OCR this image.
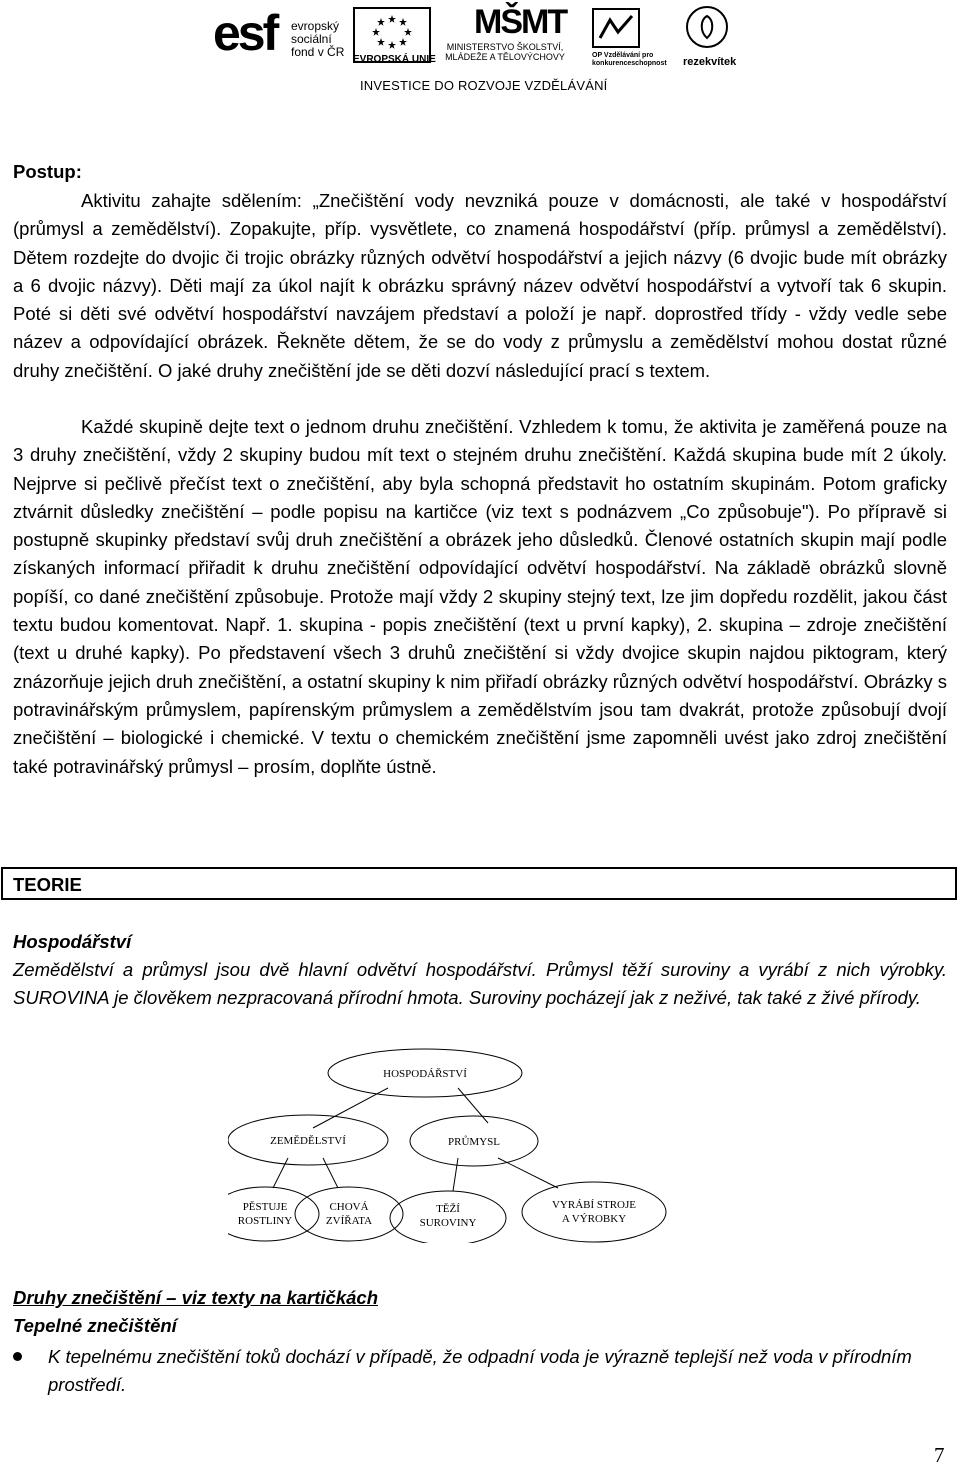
esf evropský sociální fond v ČR
EVROPSKÁ UNIE
MŠMT
MINISTERSTVO ŠKOLSTVÍ, MLÁDEŽE A TĚLOVÝCHOVY	OP Vzdělávání pro konkurenceschopnost	rezekvítek
INVESTICE DO ROZVOJE VZDĚLÁVÁNÍ
Postup:
Aktivitu zahajte sdělením: „Znečištění vody nevzniká pouze v domácnosti, ale také v hospodářství (průmysl a zemědělství). Zopakujte, příp. vysvětlete, co znamená hospodářství (příp. průmysl a zemědělství). Dětem rozdejte do dvojic či trojic obrázky různých odvětví hospodářství a jejich názvy (6 dvojic bude mít obrázky a 6 dvojic názvy). Děti mají za úkol najít k obrázku správný název odvětví hospodářství a vytvoří tak 6 skupin. Poté si děti své odvětví hospodářství navzájem představí a položí je např. doprostřed třídy - vždy vedle sebe název a odpovídající obrázek. Řekněte dětem, že se do vody z průmyslu a zemědělství mohou dostat různé druhy znečištění. O jaké druhy znečištění jde se děti dozví následující prací s textem.
Každé skupině dejte text o jednom druhu znečištění. Vzhledem k tomu, že aktivita je zaměřená pouze na 3 druhy znečištění, vždy 2 skupiny budou mít text o stejném druhu znečištění. Každá skupina bude mít 2 úkoly. Nejprve si pečlivě přečíst text o znečištění, aby byla schopná představit ho ostatním skupinám. Potom graficky ztvárnit důsledky znečištění – podle popisu na kartičce (viz text s podnázvem „Co způsobuje"). Po přípravě si postupně skupinky představí svůj druh znečištění a obrázek jeho důsledků. Členové ostatních skupin mají podle získaných informací přiřadit k druhu znečištění odpovídající odvětví hospodářství. Na základě obrázků slovně popíší, co dané znečištění způsobuje. Protože mají vždy 2 skupiny stejný text, lze jim dopředu rozdělit, jakou část textu budou komentovat. Např. 1. skupina - popis znečištění (text u první kapky), 2. skupina – zdroje znečištění (text u druhé kapky). Po představení všech 3 druhů znečištění si vždy dvojice skupin najdou piktogram, který znázorňuje jejich druh znečištění, a ostatní skupiny k nim přiřadí obrázky různých odvětví hospodářství. Obrázky s potravinářským průmyslem, papírenským průmyslem a zemědělstvím jsou tam dvakrát, protože způsobují dvojí znečištění – biologické i chemické. V textu o chemickém znečištění jsme zapomněli uvést jako zdroj znečištění také potravinářský průmysl – prosím, doplňte ústně.
TEORIE
Hospodářství
Zemědělství a průmysl jsou dvě hlavní odvětví hospodářství. Průmysl těží suroviny a vyrábí z nich výrobky. SUROVINA je člověkem nezpracovaná přírodní hmota. Suroviny pocházejí jak z neživé, tak také z živé přírody.
HOSPODÁŘSTVÍ
ZEMĚDĚLSTVÍ	PRŮMYSL
PĚSTUJE
ROSTLINY
CHOVÁ
ZVÍŘATA
TĚŽÍ
SUROVINY
VYRÁBÍ STROJE
A VÝROBKY
Druhy znečištění – viz texty na kartičkách
Tepelné znečištění
K tepelnému znečištění toků dochází v případě, že odpadní voda je výrazně teplejší než voda v přírodním prostředí.
7
